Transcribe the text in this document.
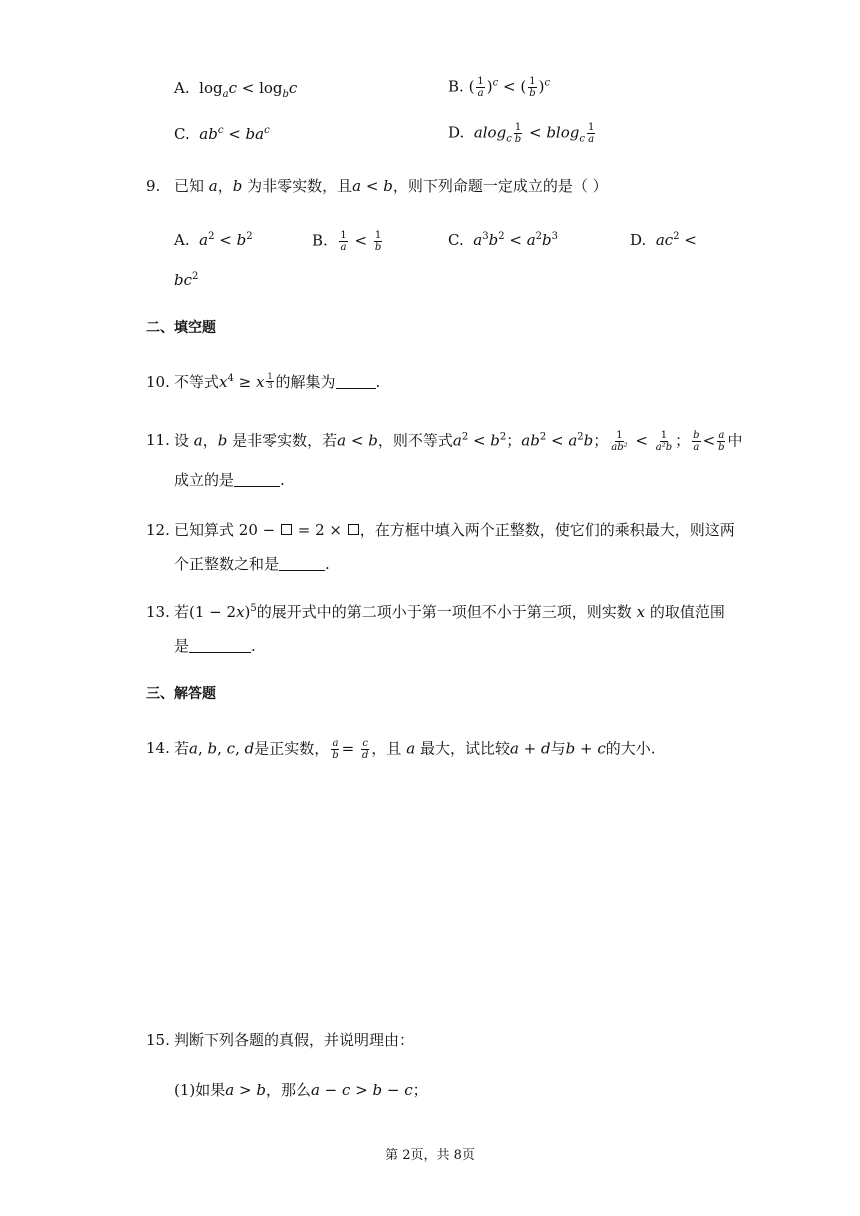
A. $\log_ac < \log_bc$	B. ( $\frac{1}{a} )^c$ < ( $\frac{1}{b} )^c$
C. $ab^c < ba^c$	D. $alog_c \frac{1}{b} < blog_c \frac{1}{a}$
9. 已知 a，b 为非零实数，且a < b，则下列命题一定成立的是（ ）
A. $a^2 < b^2$	B. $\frac{1}{a} < \frac{1}{b}$	C. $a^3b^2 < a^2b^3$	D. $ac^2$ <
$bc^2$
二、填空题
10. 不等式$x^4 \ge x \frac{1}{3}$ 的解集为	.
11. 设 a，b 是非零实数，若a < b，则不等式$a^2 < b^2$；$ab^2 < a^2b$； $\frac{1}{\text{ab²}} < \frac{1}{\text{a²b}}$ ； $\frac{b}{a} < \frac{a}{b}$ 中
成立的是	.
12. 已知算式 20 −  = 2 × ，在方框中填入两个正整数，使它们的乘积最大，则这两
个正整数之和是	.
13. 若$(1 - 2x)^5$的展开式中的第二项小于第一项但不小于第三项，则实数 x 的取值范围
是	.
三、解答题
14. 若a, b, c, d是正实数， $\frac{a}{b} = \frac{c}{d}$ ，且 a 最大，试比较a + d与b + c的大小.
15. 判断下列各题的真假，并说明理由：
(1)如果a > b，那么a − c > b − c；
第 2页，共 8页
